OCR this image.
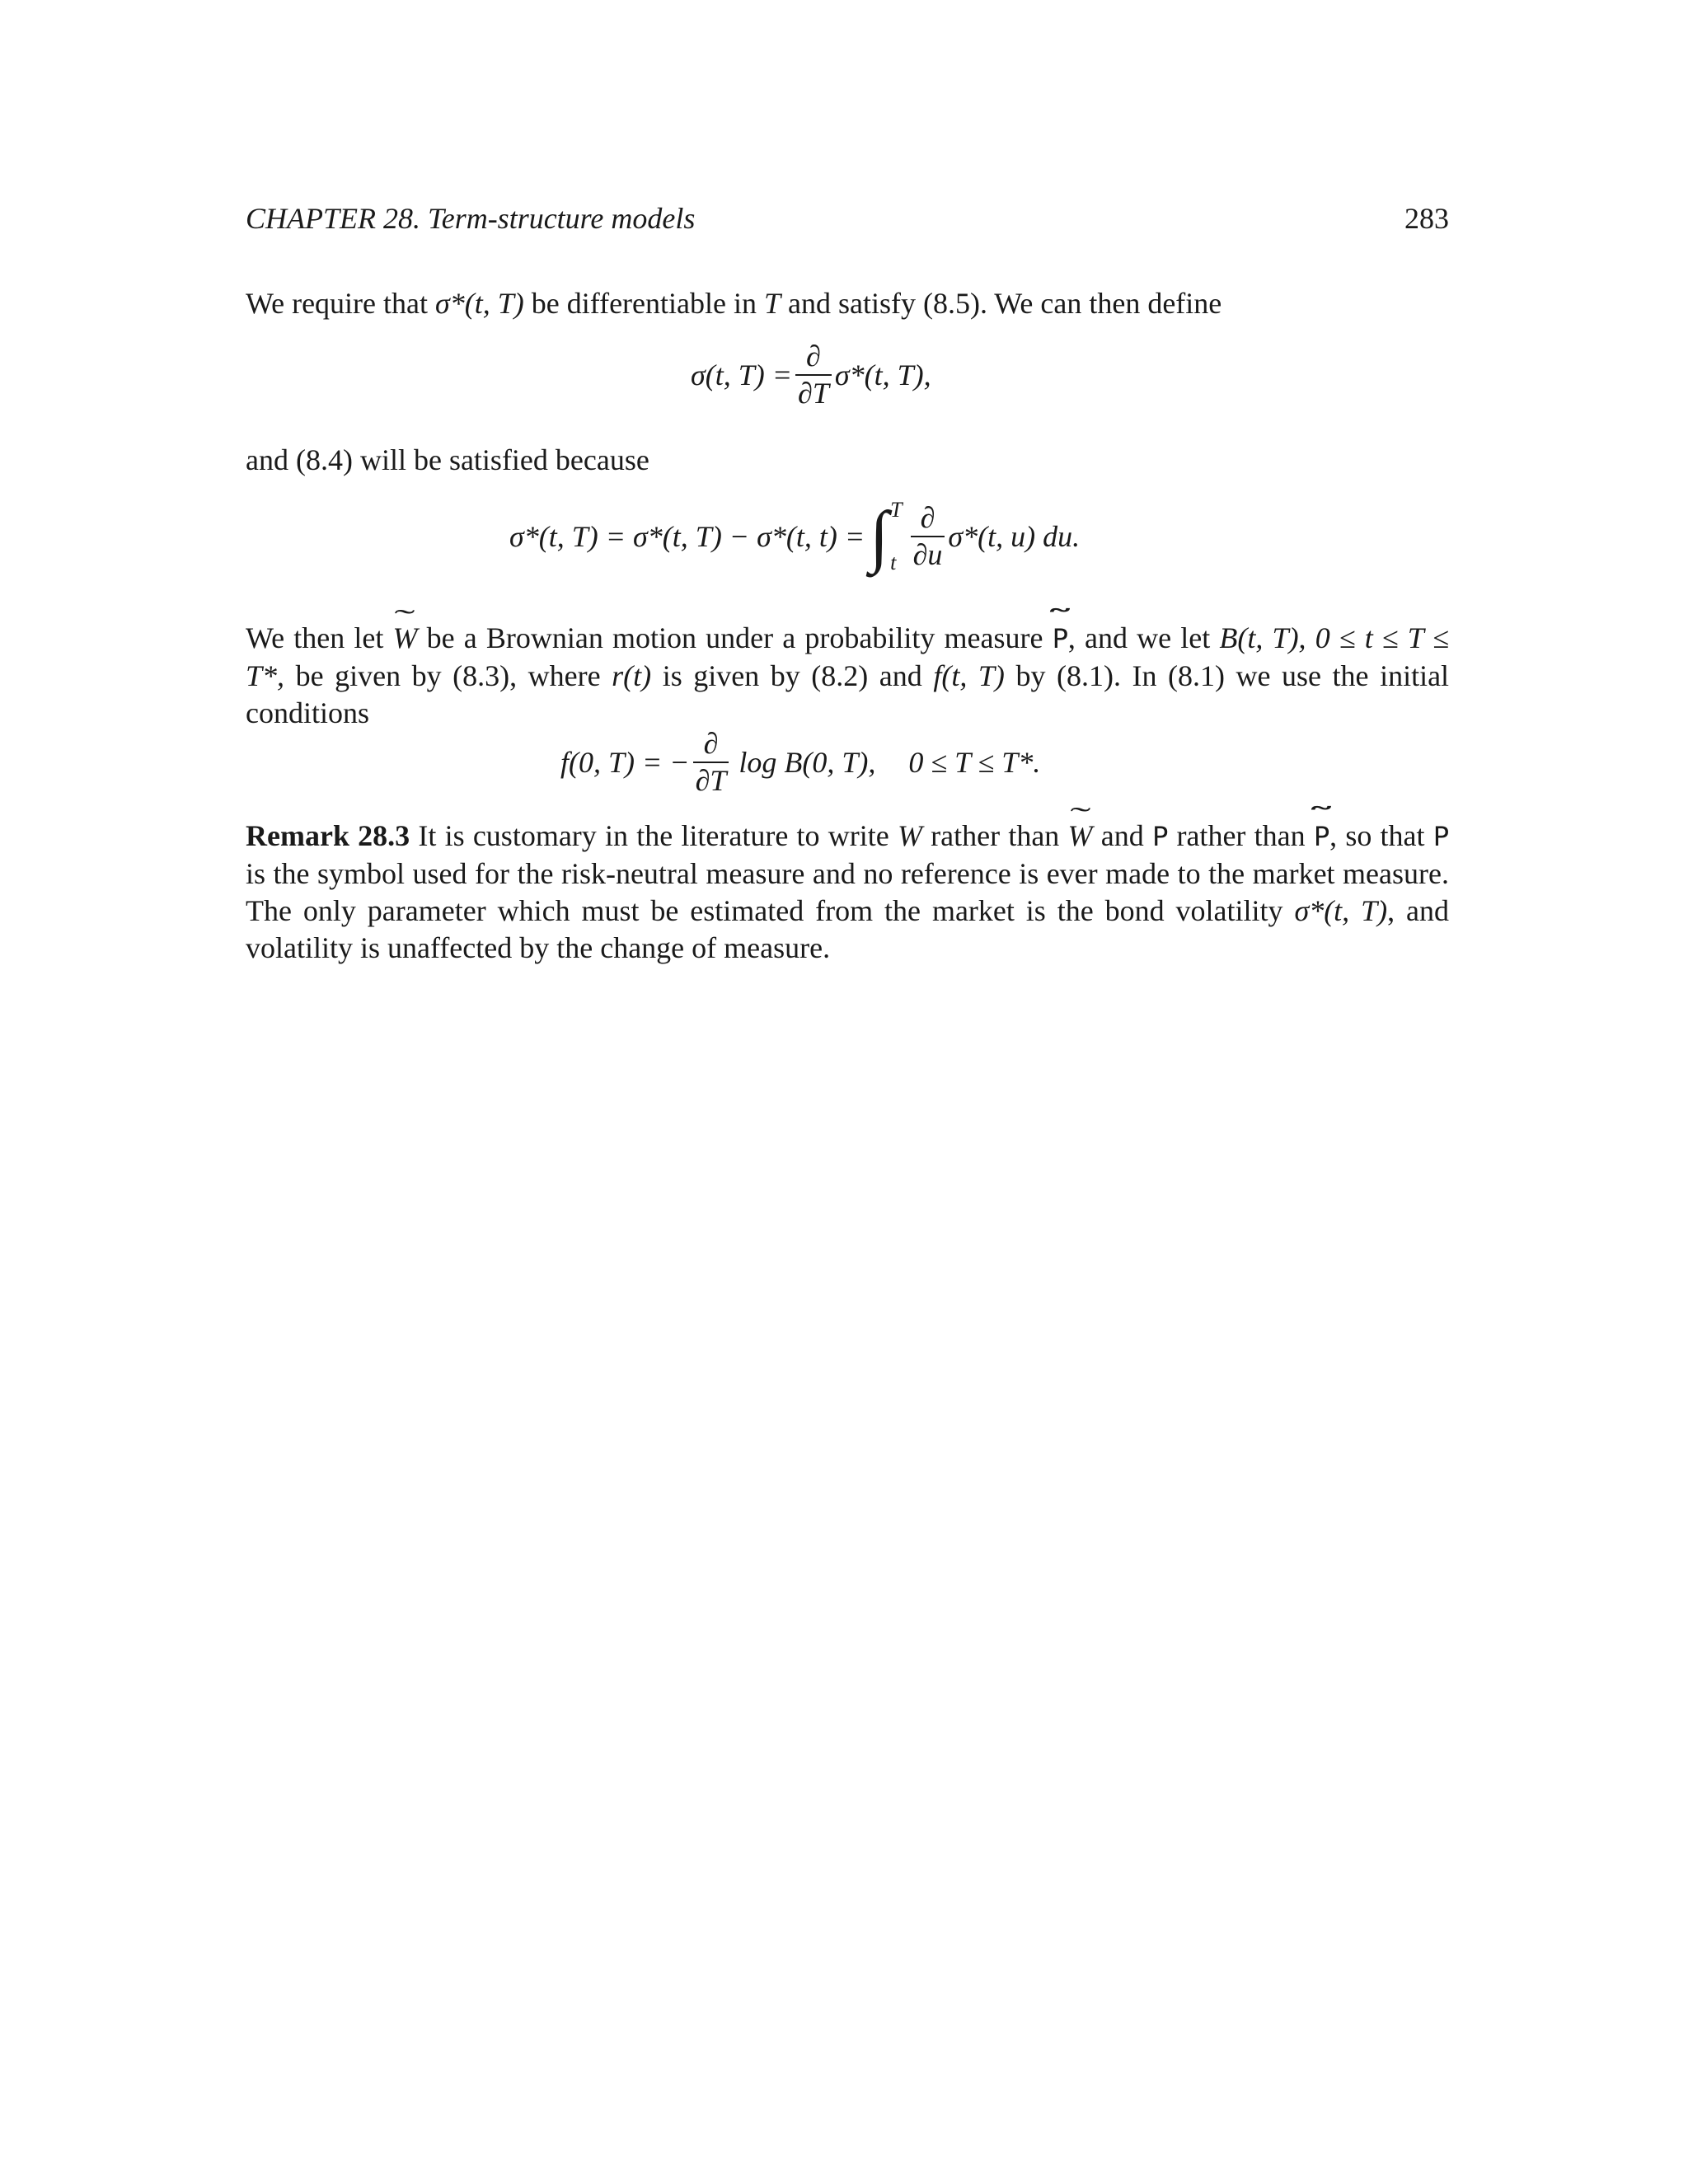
CHAPTER 28. Term-structure models	283
We require that σ*(t, T) be differentiable in T and satisfy (8.5). We can then define
σ(t, $T) = \frac{\partial}{\partial T} \sigma*(t$, T),
and (8.4) will be satisfied because
σ*(t, T) = σ*(t, T) − σ*(t, t) = ∫ T
t $\frac{\partial}{\partial u} \sigma*(t$, u) du.
We then let ˜ W be a Brownian motion under a probability measure ˜ P, and we let B(t, T), 0 ≤ t ≤ T ≤ T*, be given by (8.3), where r(t) is given by (8.2) and f(t, T) by (8.1). In (8.1) we use the initial conditions
f(0, T) = − $\frac{\partial}{\partial T}$ log B(0, T), 0 ≤ T ≤ T*.
Remark 28.3 It is customary in the literature to write W rather than ˜ W and P rather than ˜ P, so that P is the symbol used for the risk-neutral measure and no reference is ever made to the market measure. The only parameter which must be estimated from the market is the bond volatility σ*(t, T), and volatility is unaffected by the change of measure.
